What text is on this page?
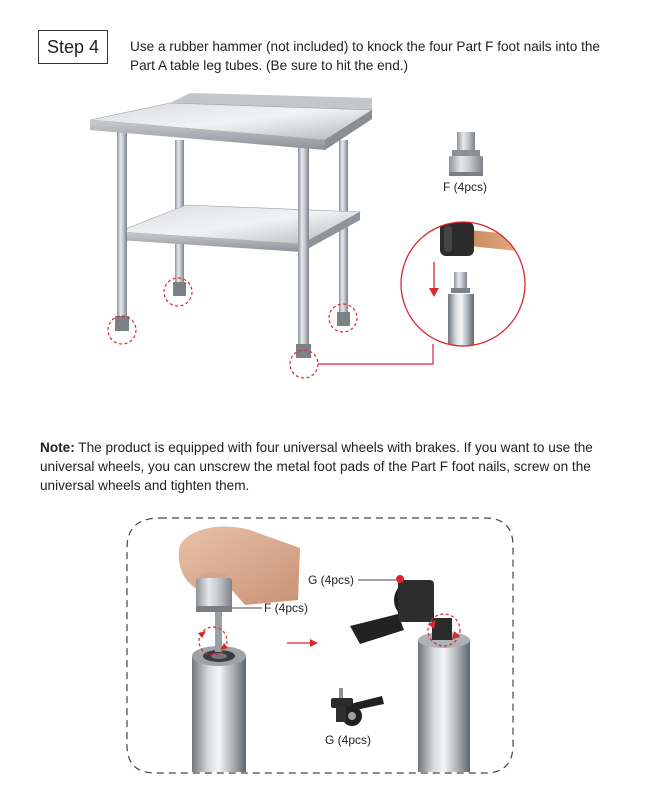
Step 4	Use a rubber hammer (not included) to knock the four Part F foot nails into the Part A table leg tubes. (Be sure to hit the end.)
F (4pcs)
F (4pcs)
G (4pcs)
G (4pcs)
Note: The product is equipped with four universal wheels with brakes. If you want to use the universal wheels, you can unscrew the metal foot pads of the Part F foot nails, screw on the universal wheels and tighten them.
